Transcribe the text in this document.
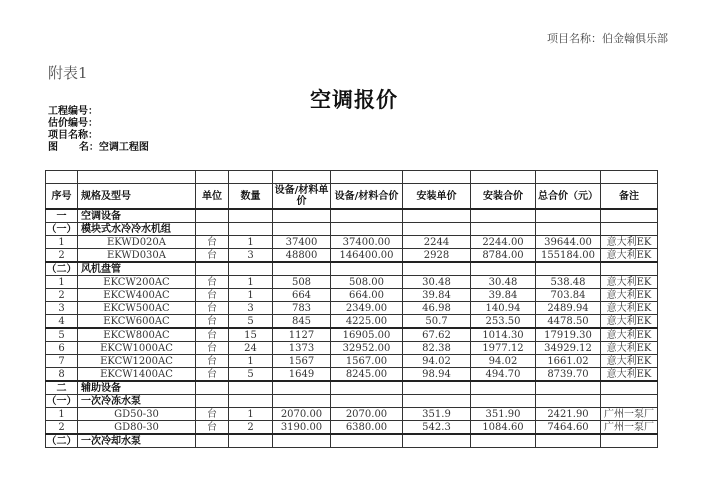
项目名称：伯金翰俱乐部
附表1
空调报价
工程编号：
估价编号：
项目名称：
图      名：空调工程图

序号	规格及型号	单位	数量	设备/材料单价	设备/材料合价	安装单价	安装合价	总合价（元）	备注
一	空调设备								
（一）	模块式水冷冷水机组								
1	EKWD020A	台	1	37400	37400.00	2244	2244.00	39644.00	意大利EK
2	EKWD030A	台	3	48800	146400.00	2928	8784.00	155184.00	意大利EK
（二）	风机盘管								
1	EKCW200AC	台	1	508	508.00	30.48	30.48	538.48	意大利EK
2	EKCW400AC	台	1	664	664.00	39.84	39.84	703.84	意大利EK
3	EKCW500AC	台	3	783	2349.00	46.98	140.94	2489.94	意大利EK
4	EKCW600AC	台	5	845	4225.00	50.7	253.50	4478.50	意大利EK
5	EKCW800AC	台	15	1127	16905.00	67.62	1014.30	17919.30	意大利EK
6	EKCW1000AC	台	24	1373	32952.00	82.38	1977.12	34929.12	意大利EK
7	EKCW1200AC	台	1	1567	1567.00	94.02	94.02	1661.02	意大利EK
8	EKCW1400AC	台	5	1649	8245.00	98.94	494.70	8739.70	意大利EK
二	辅助设备								
（一）	一次冷冻水泵								
1	GD50-30	台	1	2070.00	2070.00	351.9	351.90	2421.90	广州一泵厂
2	GD80-30	台	2	3190.00	6380.00	542.3	1084.60	7464.60	广州一泵厂
（二）	一次冷却水泵								
